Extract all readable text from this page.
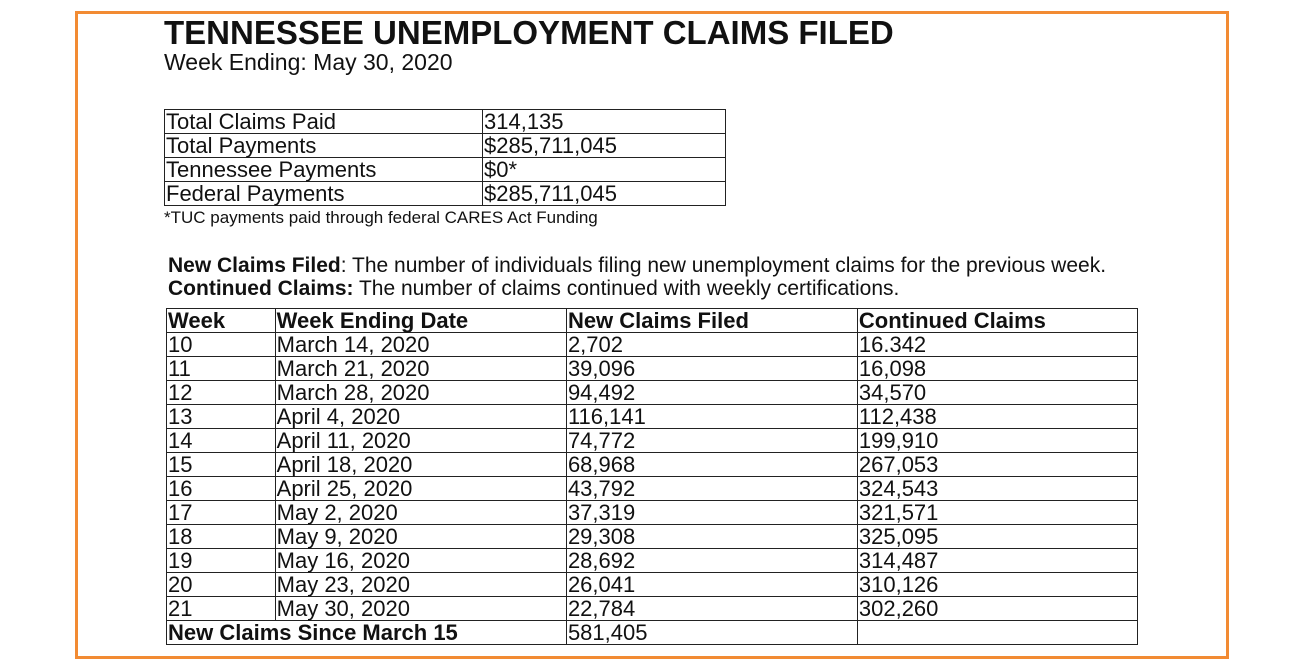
TENNESSEE UNEMPLOYMENT CLAIMS FILED

Week Ending: May 30, 2020

Total Claims Paid	314,135
Total Payments	$285,711,045
Tennessee Payments	$0*
Federal Payments	$285,711,045
*TUC payments paid through federal CARES Act Funding
New Claims Filed: The number of individuals filing new unemployment claims for the previous week.
Continued Claims: The number of claims continued with weekly certifications.
Week	Week Ending Date	New Claims Filed	Continued Claims
10	March 14, 2020	2,702	16.342
11	March 21, 2020	39,096	16,098
12	March 28, 2020	94,492	34,570
13	April 4, 2020	116,141	112,438
14	April 11, 2020	74,772	199,910
15	April 18, 2020	68,968	267,053
16	April 25, 2020	43,792	324,543
17	May 2, 2020	37,319	321,571
18	May 9, 2020	29,308	325,095
19	May 16, 2020	28,692	314,487
20	May 23, 2020	26,041	310,126
21	May 30, 2020	22,784	302,260
New Claims Since March 15		581,405	
